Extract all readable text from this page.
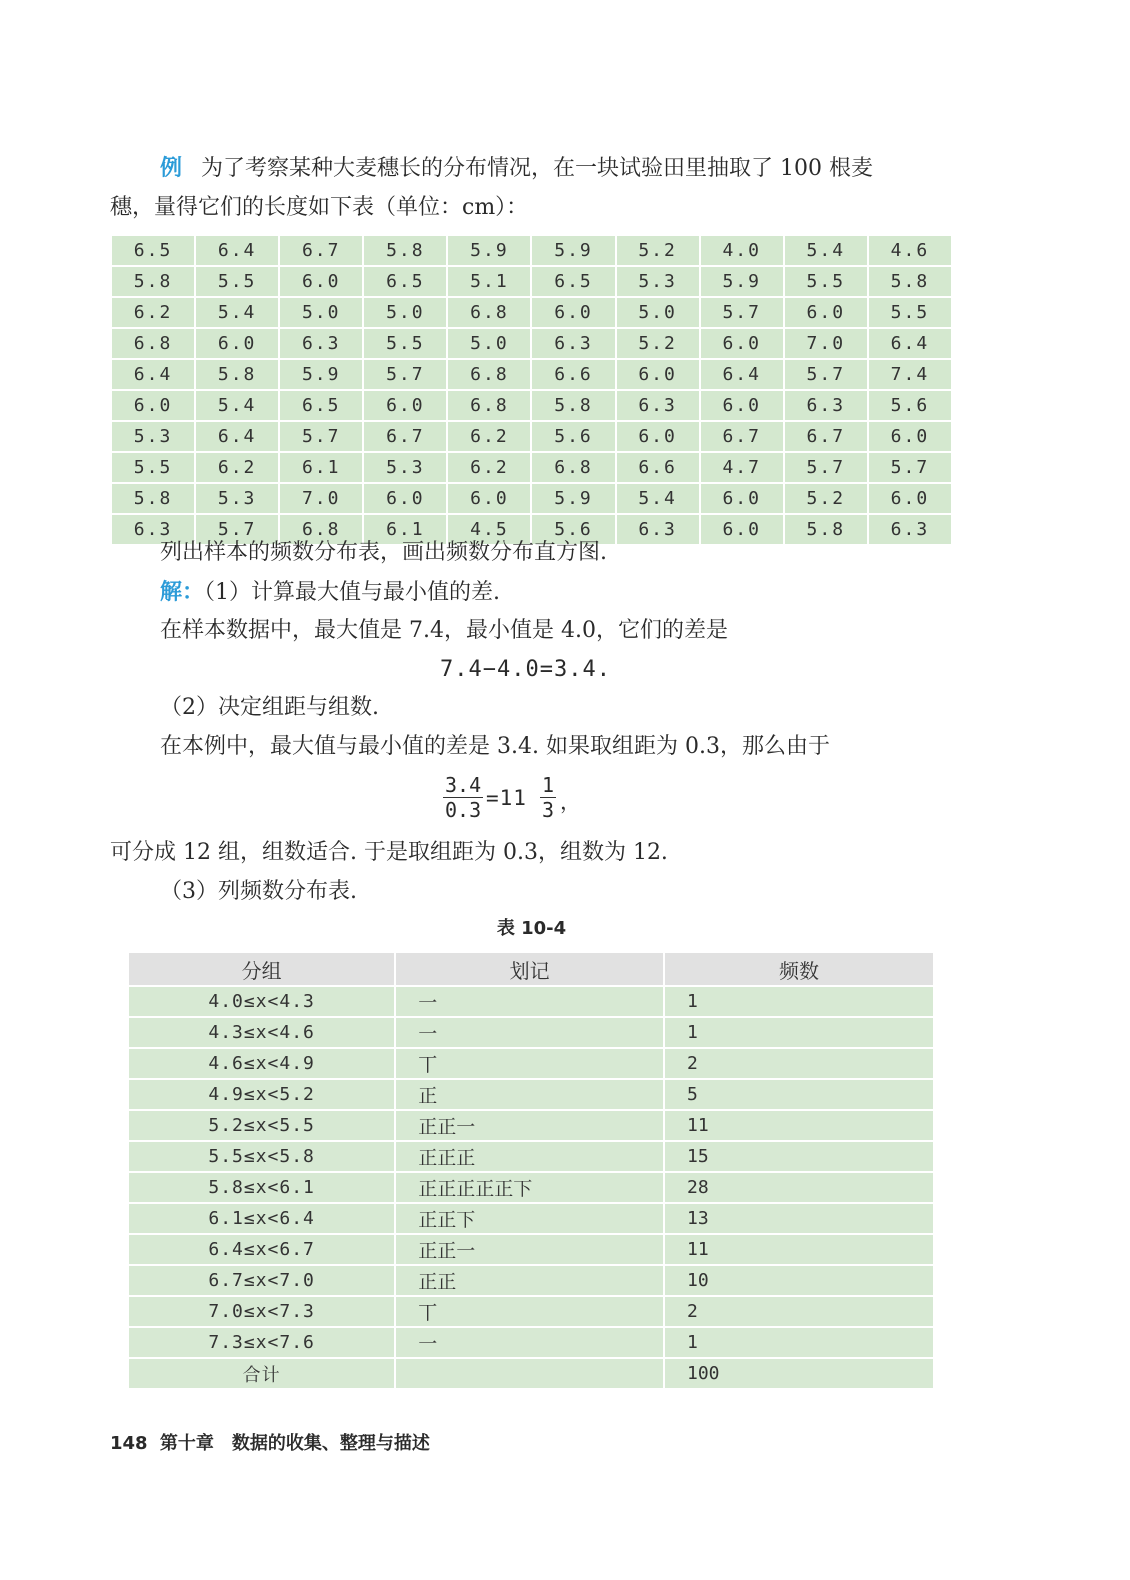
例 为了考察某种大麦穗长的分布情况，在一块试验田里抽取了 100 根麦
穗，量得它们的长度如下表（单位：cm）：
6.5	6.4	6.7	5.8	5.9	5.9	5.2	4.0	5.4	4.6
5.8	5.5	6.0	6.5	5.1	6.5	5.3	5.9	5.5	5.8
6.2	5.4	5.0	5.0	6.8	6.0	5.0	5.7	6.0	5.5
6.8	6.0	6.3	5.5	5.0	6.3	5.2	6.0	7.0	6.4
6.4	5.8	5.9	5.7	6.8	6.6	6.0	6.4	5.7	7.4
6.0	5.4	6.5	6.0	6.8	5.8	6.3	6.0	6.3	5.6
5.3	6.4	5.7	6.7	6.2	5.6	6.0	6.7	6.7	6.0
5.5	6.2	6.1	5.3	6.2	6.8	6.6	4.7	5.7	5.7
5.8	5.3	7.0	6.0	6.0	5.9	5.4	6.0	5.2	6.0
6.3	5.7	6.8	6.1	4.5	5.6	6.3	6.0	5.8	6.3
列出样本的频数分布表，画出频数分布直方图.
解：（1）计算最大值与最小值的差.
在样本数据中，最大值是 7.4，最小值是 4.0，它们的差是
7.4−4.0=3.4.
（2）决定组距与组数.
在本例中，最大值与最小值的差是 3.4. 如果取组距为 0.3，那么由于
$\frac{3.4}{0.3} =11 \frac{1}{3}$ ，
可分成 12 组，组数适合. 于是取组距为 0.3，组数为 12.
（3）列频数分布表.
表 10-4
分组	划记	频数
4.0≤x<4.3	一	1
4.3≤x<4.6	一	1
4.6≤x<4.9	丅	2
4.9≤x<5.2	正	5
5.2≤x<5.5	正正一	11
5.5≤x<5.8	正正正	15
5.8≤x<6.1	正正正正正下	28
6.1≤x<6.4	正正下	13
6.4≤x<6.7	正正一	11
6.7≤x<7.0	正正	10
7.0≤x<7.3	丅	2
7.3≤x<7.6	一	1
合计		100
148 第十章　数据的收集、整理与描述
